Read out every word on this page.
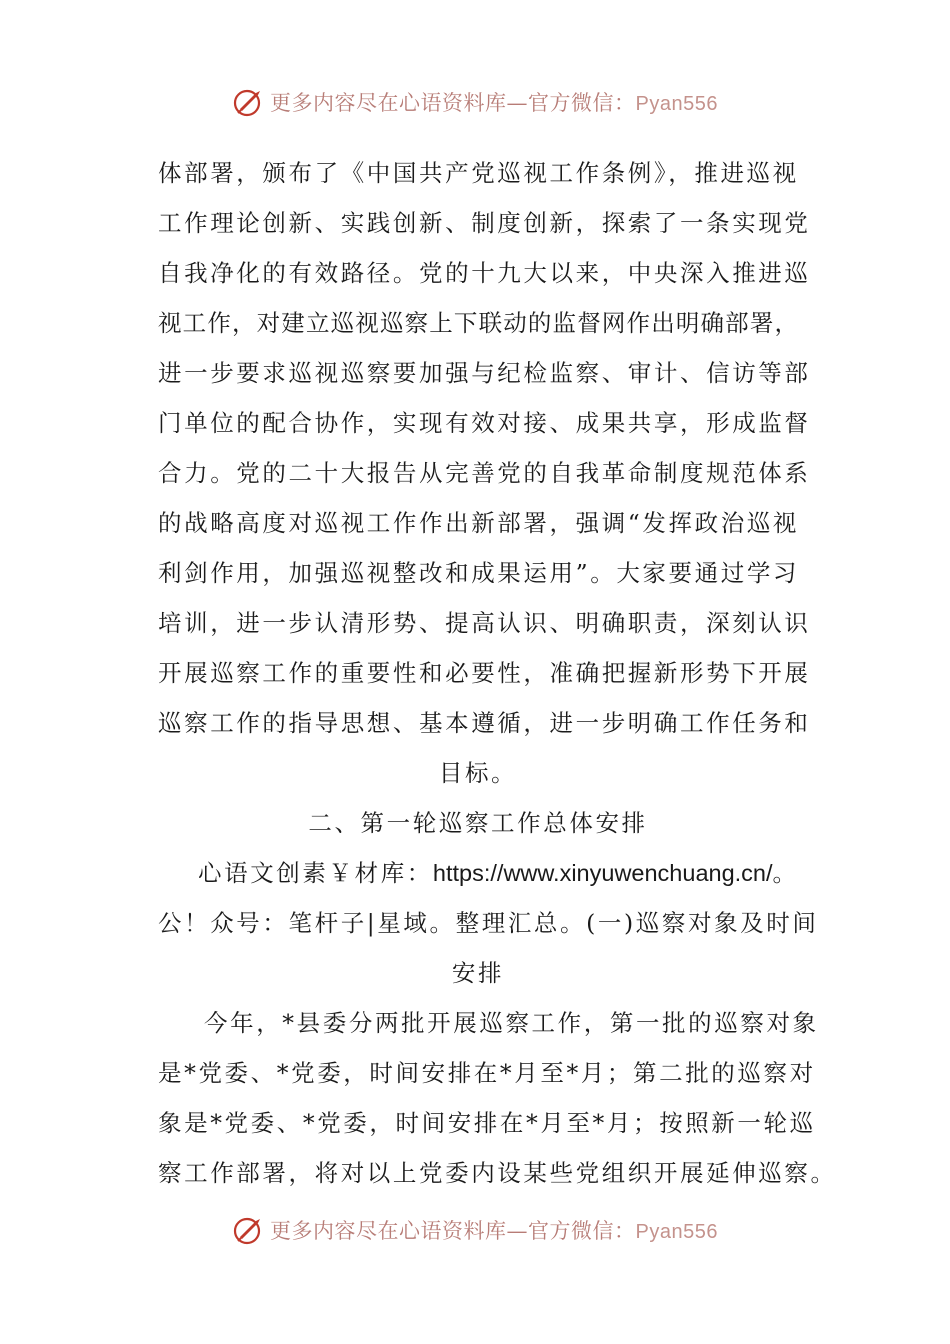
更多内容尽在心语资料库—官方微信：Pyan556
体部署，颁布了《中国共产党巡视工作条例》，推进巡视
工作理论创新、实践创新、制度创新，探索了一条实现党
自我净化的有效路径。党的十九大以来，中央深入推进巡
视工作，对建立巡视巡察上下联动的监督网作出明确部署，
进一步要求巡视巡察要加强与纪检监察、审计、信访等部
门单位的配合协作，实现有效对接、成果共享，形成监督
合力。党的二十大报告从完善党的自我革命制度规范体系
的战略高度对巡视工作作出新部署，强调“发挥政治巡视
利剑作用，加强巡视整改和成果运用”。大家要通过学习
培训，进一步认清形势、提高认识、明确职责，深刻认识
开展巡察工作的重要性和必要性，准确把握新形势下开展
巡察工作的指导思想、基本遵循，进一步明确工作任务和
目标。
二、第一轮巡察工作总体安排
心语文创素￥材库：https://www.xinyuwenchuang.cn/。
公！众号：笔杆子|星域。整理汇总。(一)巡察对象及时间
安排
今年，*县委分两批开展巡察工作，第一批的巡察对象
是*党委、*党委，时间安排在*月至*月；第二批的巡察对
象是*党委、*党委，时间安排在*月至*月；按照新一轮巡
察工作部署，将对以上党委内设某些党组织开展延伸巡察。
更多内容尽在心语资料库—官方微信：Pyan556
